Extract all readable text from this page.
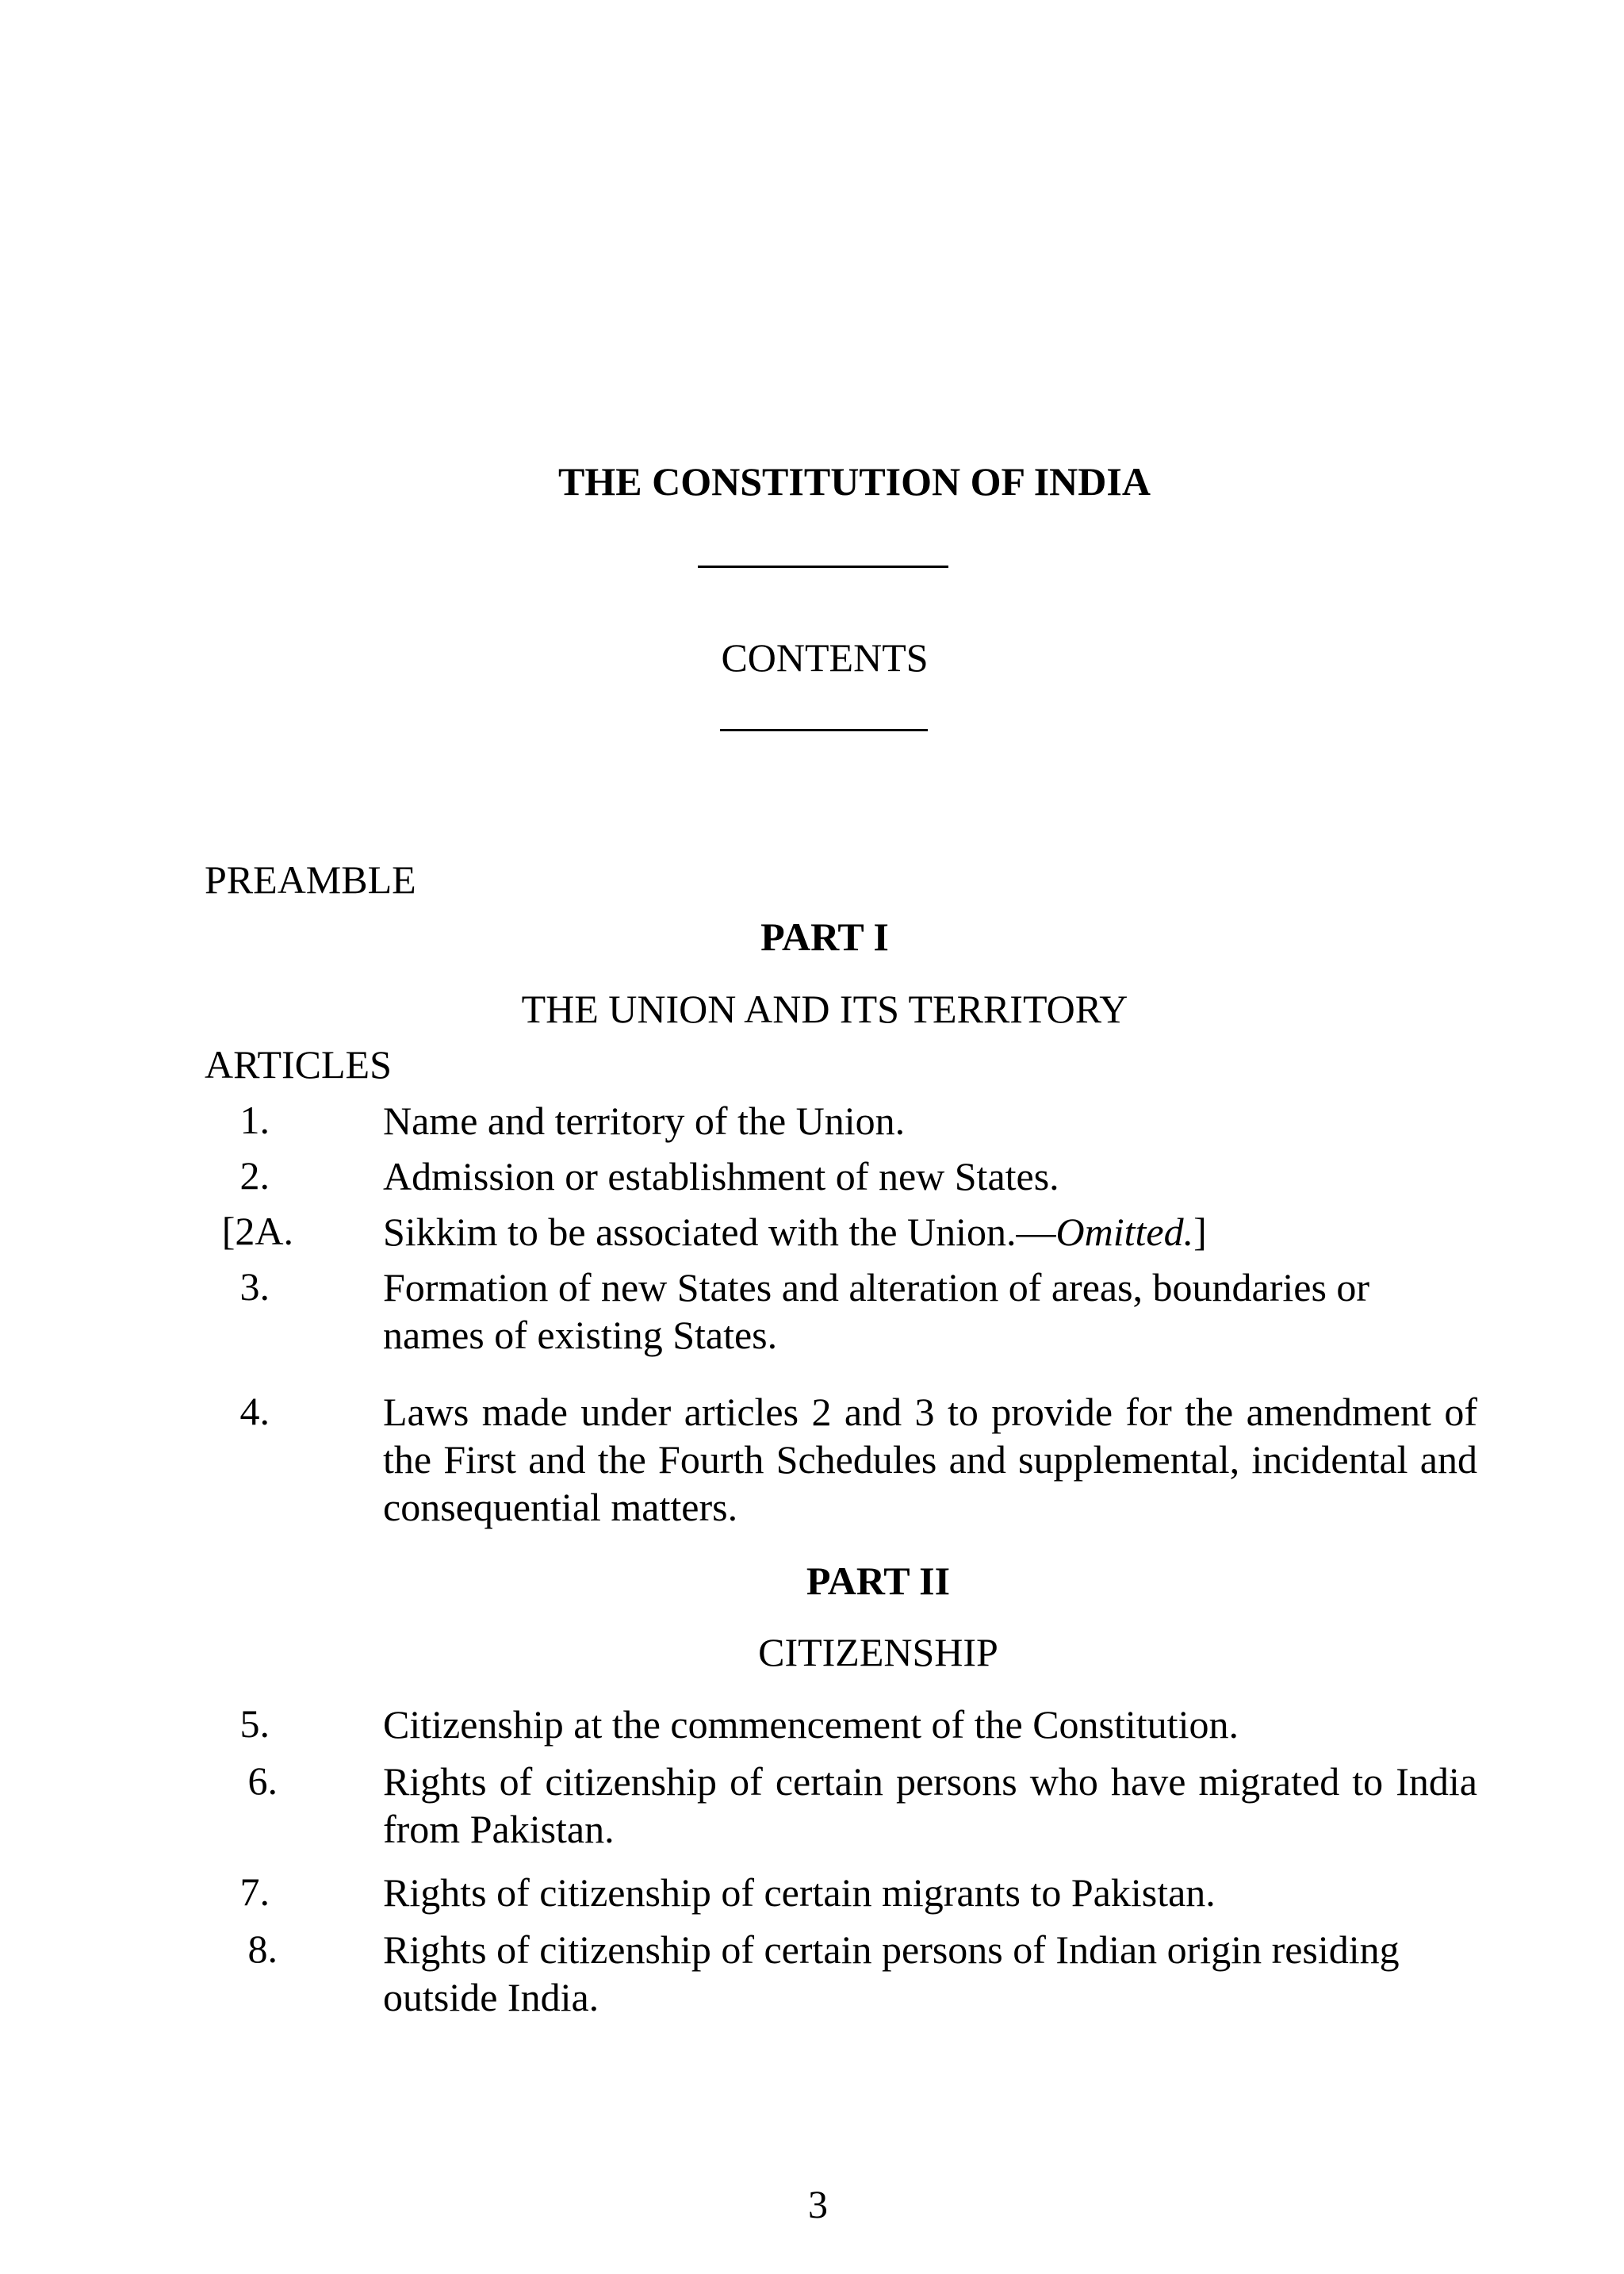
THE CONSTITUTION OF INDIA
CONTENTS
PREAMBLE
PART I
THE UNION AND ITS TERRITORY
ARTICLES
1.	Name and territory of the Union.
2.	Admission or establishment of new States.
[2A. Sikkim to be associated with the Union.—Omitted.]
3.	Formation of new States and alteration of areas, boundaries or names of existing States.
4.	Laws made under articles 2 and 3 to provide for the amendment of the First and the Fourth Schedules and supplemental, incidental and consequential matters.
PART II
CITIZENSHIP
5.	Citizenship at the commencement of the Constitution.
6.	Rights of citizenship of certain persons who have migrated to India from Pakistan.
7.	Rights of citizenship of certain migrants to Pakistan.
8.	Rights of citizenship of certain persons of Indian origin residing outside India.
3
